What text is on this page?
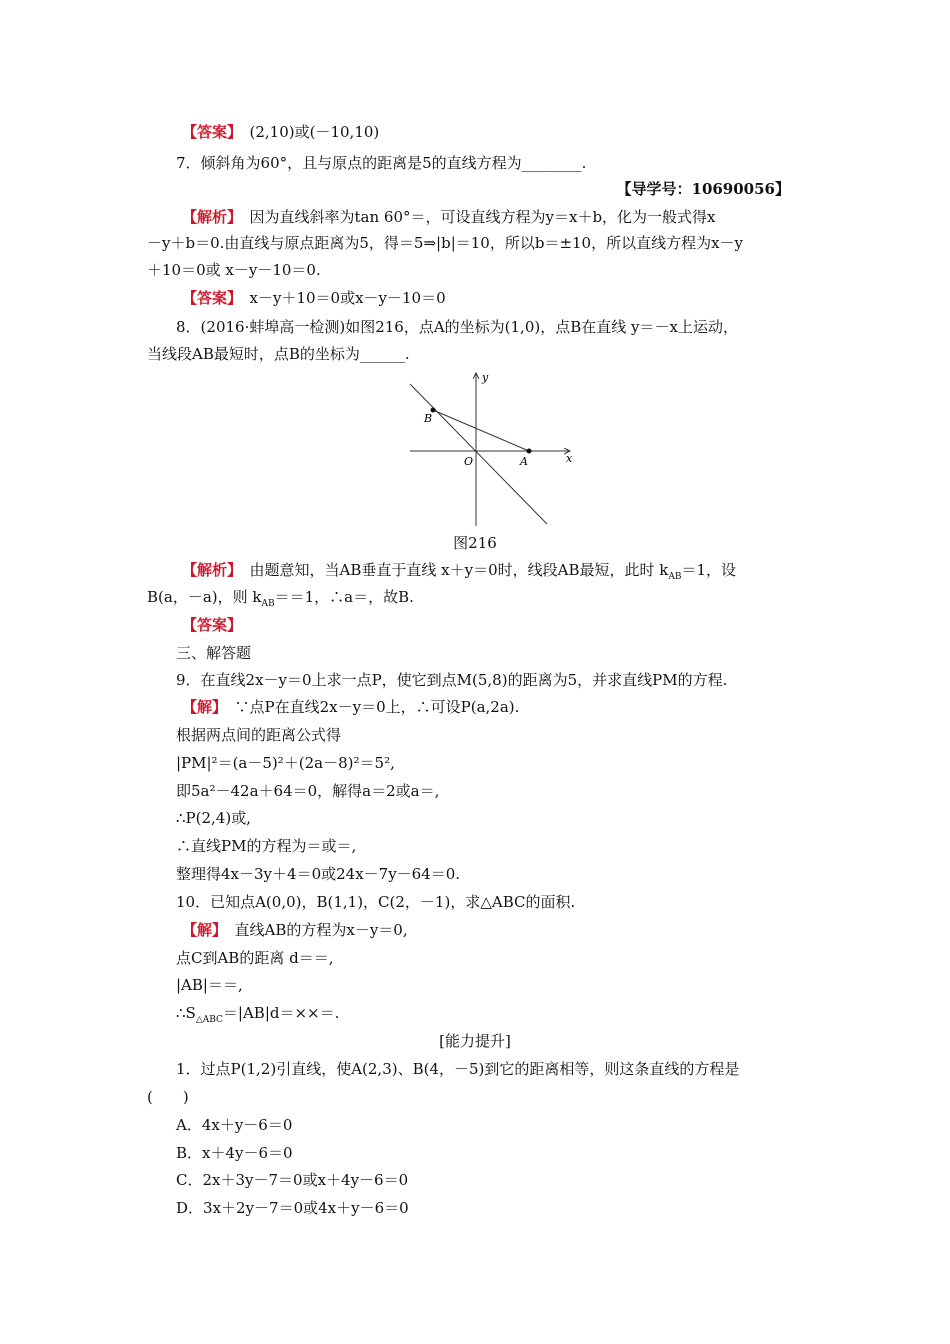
【答案】　(2,10)或(－10,10)
7．倾斜角为60°，且与原点的距离是5的直线方程为________.
【导学号：10690056】
【解析】　因为直线斜率为tan 60°＝，可设直线方程为y＝x＋b，化为一般式得x
－y＋b＝0.由直线与原点距离为5，得＝5⇒|b|＝10，所以b＝±10，所以直线方程为x－y
＋10＝0或 x－y－10＝0.
【答案】　x－y＋10＝0或x－y－10＝0
8．(2016·蚌埠高一检测)如图216，点A的坐标为(1,0)，点B在直线 y＝－x上运动，
当线段AB最短时，点B的坐标为______.
y
x
O	A
B
图216
【解析】　由题意知，当AB垂直于直线 x＋y＝0时，线段AB最短，此时 $k_{AB}=1$，设
B(a，－a)，则 $k_{AB}==1$，∴a＝，故B.
【答案】
三、解答题
9．在直线2x－y＝0上求一点P，使它到点M(5,8)的距离为5，并求直线PM的方程.
【解】　∵点P在直线2x－y＝0上，∴可设P(a,2a).
根据两点间的距离公式得
|PM|²＝(a－5)²＋(2a－8)²＝5²,
即5a²－42a＋64＝0，解得a＝2或a＝,
∴P(2,4)或,
∴直线PM的方程为＝或＝,
整理得4x－3y＋4＝0或24x－7y－64＝0.
10．已知点A(0,0)，B(1,1)，C(2，－1)，求△ABC的面积.
【解】　直线AB的方程为x－y＝0,
点C到AB的距离 d＝＝,
|AB|＝＝,
$\therefore S_{\triangle ABC}=|AB|d=\times\times=$.
[能力提升]
1．过点P(1,2)引直线，使A(2,3)、B(4，－5)到它的距离相等，则这条直线的方程是
(　　)
A．4x＋y－6＝0
B．x＋4y－6＝0
C．2x＋3y－7＝0或x＋4y－6＝0
D．3x＋2y－7＝0或4x＋y－6＝0
